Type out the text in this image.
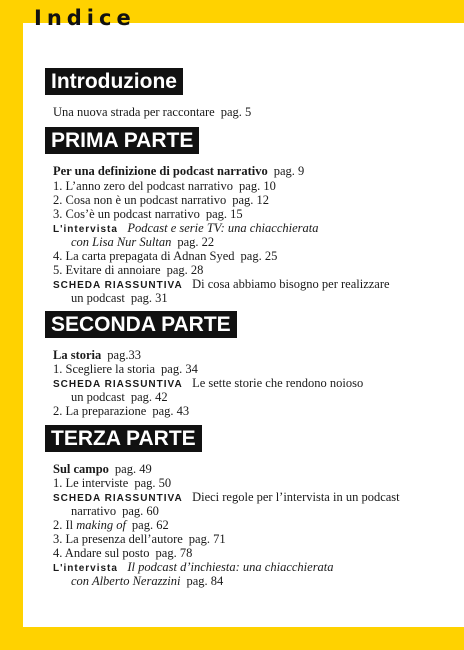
Indice
Introduzione
Una nuova strada per raccontare pag. 5
PRIMA PARTE
Per una definizione di podcast narrativo pag. 9
1. L’anno zero del podcast narrativo pag. 10
2. Cosa non è un podcast narrativo pag. 12
3. Cos’è un podcast narrativo pag. 15
L'intervista Podcast e serie TV: una chiacchierata
con Lisa Nur Sultan pag. 22
4. La carta prepagata di Adnan Syed pag. 25
5. Evitare di annoiare pag. 28
SCHEDA RIASSUNTIVA Di cosa abbiamo bisogno per realizzare
un podcast pag. 31
SECONDA PARTE
La storia pag.33
1. Scegliere la storia pag. 34
SCHEDA RIASSUNTIVA Le sette storie che rendono noioso
un podcast pag. 42
2. La preparazione pag. 43
TERZA PARTE
Sul campo pag. 49
1. Le interviste pag. 50
SCHEDA RIASSUNTIVA Dieci regole per l’intervista in un podcast
narrativo pag. 60
2. Il making of pag. 62
3. La presenza dell’autore pag. 71
4. Andare sul posto pag. 78
L'intervista Il podcast d’inchiesta: una chiacchierata
con Alberto Nerazzini pag. 84
